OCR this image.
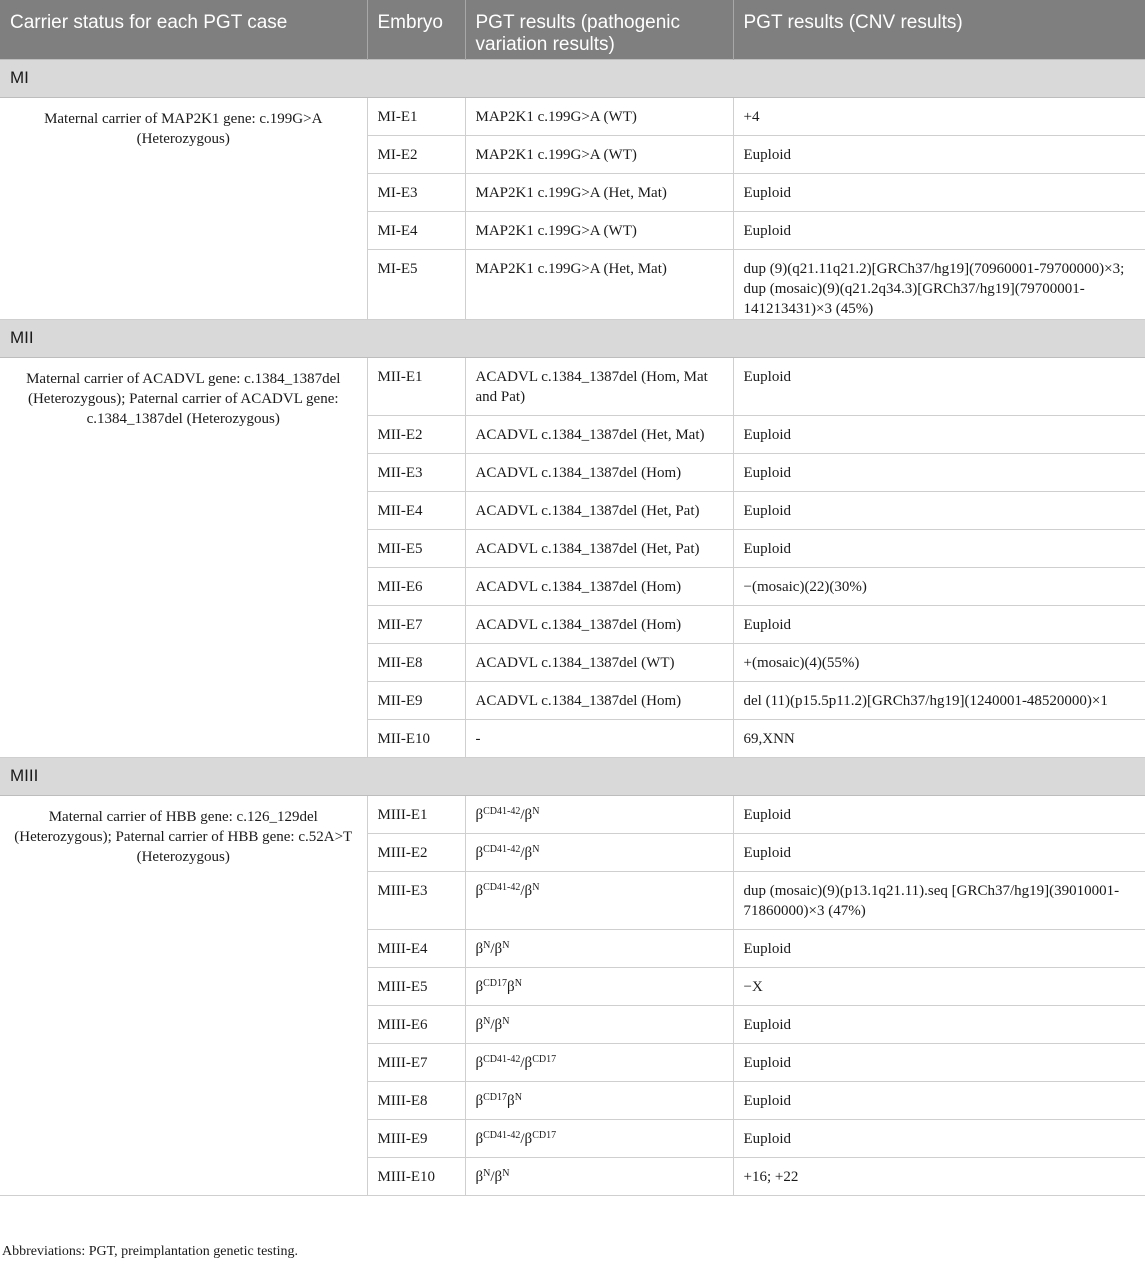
Carrier status for each PGT case	Embryo	PGT results (pathogenic variation results)	PGT results (CNV results)
MI			
Maternal carrier of MAP2K1 gene: c.199G>A (Heterozygous)	MI-E1	MAP2K1 c.199G>A (WT)	+4
	MI-E2	MAP2K1 c.199G>A (WT)	Euploid
	MI-E3	MAP2K1 c.199G>A (Het, Mat)	Euploid
	MI-E4	MAP2K1 c.199G>A (WT)	Euploid
	MI-E5	MAP2K1 c.199G>A (Het, Mat)	dup (9)(q21.11q21.2)[GRCh37/hg19](70960001-79700000)×3; dup (mosaic)(9)(q21.2q34.3)[GRCh37/hg19](79700001-141213431)×3 (45%)
MII			
Maternal carrier of ACADVL gene: c.1384_1387del (Heterozygous); Paternal carrier of ACADVL gene: c.1384_1387del (Heterozygous)	MII-E1	ACADVL c.1384_1387del (Hom, Mat and Pat)	Euploid
	MII-E2	ACADVL c.1384_1387del (Het, Mat)	Euploid
	MII-E3	ACADVL c.1384_1387del (Hom)	Euploid
	MII-E4	ACADVL c.1384_1387del (Het, Pat)	Euploid
	MII-E5	ACADVL c.1384_1387del (Het, Pat)	Euploid
	MII-E6	ACADVL c.1384_1387del (Hom)	−(mosaic)(22)(30%)
	MII-E7	ACADVL c.1384_1387del (Hom)	Euploid
	MII-E8	ACADVL c.1384_1387del (WT)	+(mosaic)(4)(55%)
	MII-E9	ACADVL c.1384_1387del (Hom)	del (11)(p15.5p11.2)[GRCh37/hg19](1240001-48520000)×1
	MII-E10	-	69,XNN
MIII			
Maternal carrier of HBB gene: c.126_129del (Heterozygous); Paternal carrier of HBB gene: c.52A>T (Heterozygous)	MIII-E1	$\beta^{CD41-42}/\beta^N$	Euploid
	MIII-E2	$\beta^{CD41-42}/\beta^N$	Euploid
	MIII-E3	$\beta^{CD41-42}/\beta^N$	dup (mosaic)(9)(p13.1q21.11).seq [GRCh37/hg19](39010001-71860000)×3 (47%)
	MIII-E4	$\beta^N/\beta^N$	Euploid
	MIII-E5	$\beta^{CD17}\beta^N$	−X
	MIII-E6	$\beta^N/\beta^N$	Euploid
	MIII-E7	$\beta^{CD41-42}/\beta^{CD17}$	Euploid
	MIII-E8	$\beta^{CD17}\beta^N$	Euploid
	MIII-E9	$\beta^{CD41-42}/\beta^{CD17}$	Euploid
	MIII-E10	$\beta^N/\beta^N$	+16; +22
Abbreviations: PGT, preimplantation genetic testing.
